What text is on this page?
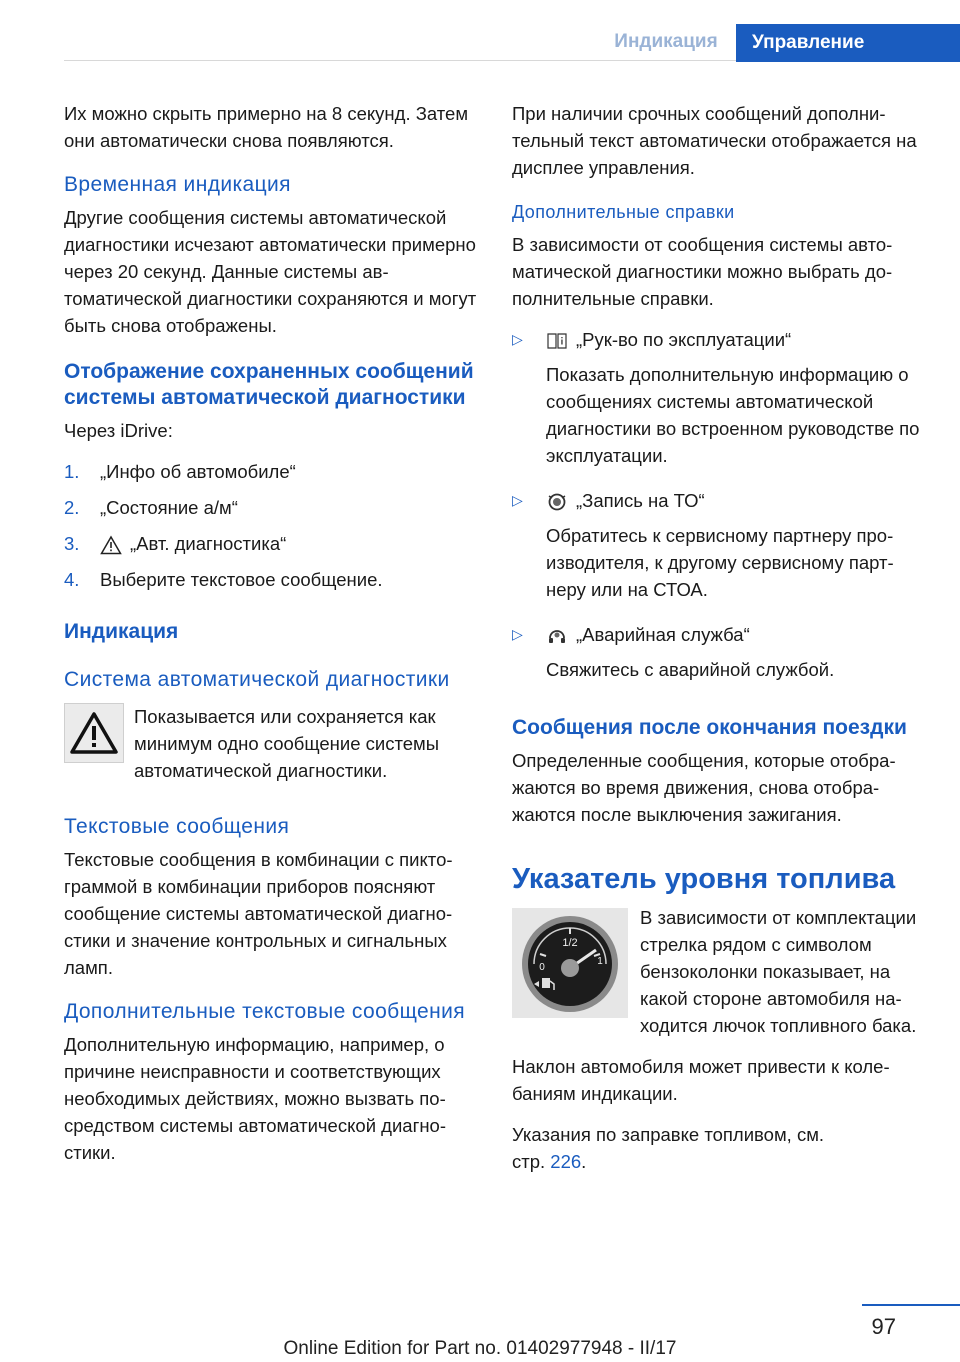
Индикация	Управление

Их можно скрыть примерно на 8 секунд. Затем они автоматически снова появляются.

Временная индикация

Другие сообщения системы автоматической диагностики исчезают автоматически примерно через 20 секунд. Данные системы автоматической диагностики сохраняются и могут быть снова отображены.

Отображение сохраненных сообщений системы автоматической диагностики

Через iDrive:

1.	„Инфо об автомобиле“
2.	„Состояние а/м“
3.	„Авт. диагностика“
4.	Выберите текстовое сообщение.
Индикация
Система автоматической диагностики

Показывается или сохраняется как минимум одно сообщение системы автоматической диагностики.

Текстовые сообщения

Текстовые сообщения в комбинации с пиктограммой в комбинации приборов поясняют сообщение системы автоматической диагностики и значение контрольных и сигнальных ламп.

Дополнительные текстовые сообщения

Дополнительную информацию, например, о причине неисправности и соответствующих необходимых действиях, можно вызвать посредством системы автоматической диагностики.

При наличии срочных сообщений дополнительный текст автоматически отображается на дисплее управления.

Дополнительные справки

В зависимости от сообщения системы автоматической диагностики можно выбрать дополнительные справки.

▷	„Рук-во по эксплуатации“

Показать дополнительную информацию о сообщениях системы автоматической диагностики во встроенном руководстве по эксплуатации.

▷	„Запись на ТО“

Обратитесь к сервисному партнеру производителя, к другому сервисному партнеру или на СТОА.

▷	„Аварийная служба“

Свяжитесь с аварийной службой.

Сообщения после окончания поездки

Определенные сообщения, которые отображаются во время движения, снова отображаются после выключения зажигания.

Указатель уровня топлива
1/2
0
1

В зависимости от комплектации стрелка рядом с символом бензоколонки показывает, на какой стороне автомобиля находится лючок топливного бака.

Наклон автомобиля может привести к колебаниям индикации.

Указания по заправке топливом, см.
стр. 226.

97
Online Edition for Part no. 01402977948 - II/17
